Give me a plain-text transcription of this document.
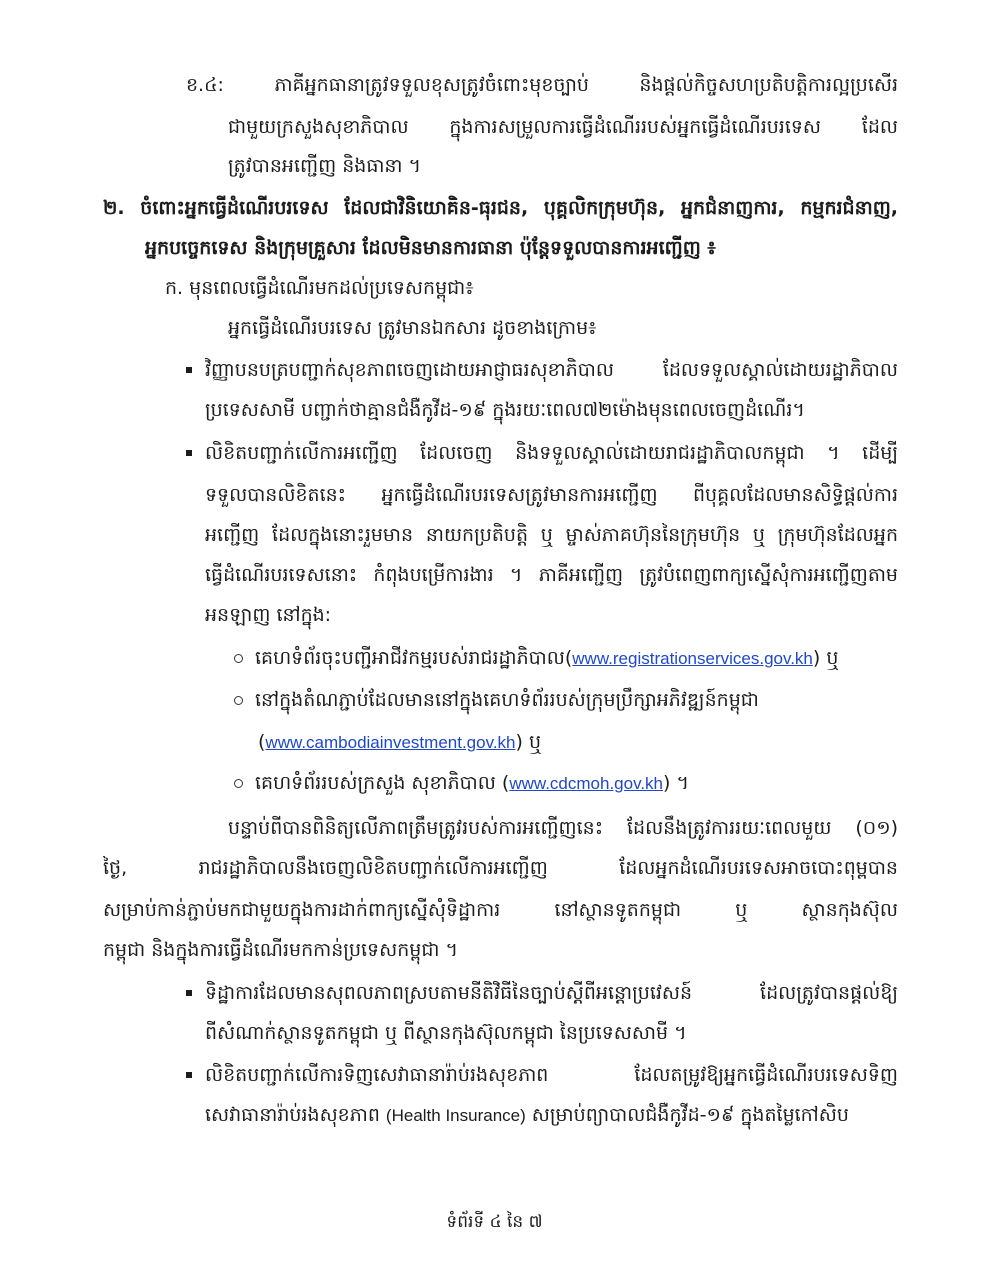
ខ.៤: ភាគីអ្នកធានាត្រូវទទួលខុសត្រូវចំពោះមុខច្បាប់ និងផ្តល់កិច្ចសហប្រតិបត្តិការល្អប្រសើរ
ជាមួយក្រសួងសុខាភិបាល ក្នុងការសម្រួលការធ្វើដំណើររបស់អ្នកធ្វើដំណើរបរទេស ដែល
ត្រូវបានអញ្ជើញ និងធានា ។
២. ចំពោះអ្នកធ្វើដំណើរបរទេស ដែលជាវិនិយោគិន-ធុរជន, បុគ្គលិកក្រុមហ៊ុន, អ្នកជំនាញការ, កម្មករជំនាញ,
អ្នកបច្ចេកទេស និងក្រុមគ្រួសារ ដែលមិនមានការធានា ប៉ុន្តែទទួលបានការអញ្ជើញ ៖
ក. មុនពេលធ្វើដំណើរមកដល់ប្រទេសកម្ពុជា៖
អ្នកធ្វើដំណើរបរទេស ត្រូវមានឯកសារ ដូចខាងក្រោម៖
វិញ្ញាបនបត្របញ្ជាក់សុខភាពចេញដោយអាជ្ញាធរសុខាភិបាល ដែលទទួលស្គាល់ដោយរដ្ឋាភិបាល
ប្រទេសសាមី បញ្ជាក់ថាគ្មានជំងឺកូវីដ-១៩ ក្នុងរយៈពេល៧២ម៉ោងមុនពេលចេញដំណើរ។
លិខិតបញ្ជាក់លើការអញ្ជើញ ដែលចេញ និងទទួលស្គាល់ដោយរាជរដ្ឋាភិបាលកម្ពុជា ។ ដើម្បី
ទទួលបានលិខិតនេះ អ្នកធ្វើដំណើរបរទេសត្រូវមានការអញ្ជើញ ពីបុគ្គលដែលមានសិទ្ធិផ្តល់ការ
អញ្ជើញ ដែលក្នុងនោះរួមមាន នាយកប្រតិបត្តិ ឬ ម្ចាស់ភាគហ៊ុននៃក្រុមហ៊ុន ឬ ក្រុមហ៊ុនដែលអ្នក
ធ្វើដំណើរបរទេសនោះ កំពុងបម្រើការងារ ។ ភាគីអញ្ជើញ ត្រូវបំពេញពាក្យស្នើសុំការអញ្ជើញតាម
អនឡាញ នៅក្នុង:
គេហទំព័រចុះបញ្ជីអាជីវកម្មរបស់រាជរដ្ឋាភិបាល(www.registrationservices.gov.kh) ឬ
នៅក្នុងតំណភ្ជាប់ដែលមាននៅក្នុងគេហទំព័ររបស់ក្រុមប្រឹក្សាអភិវឌ្ឍន៍កម្ពុជា
(www.cambodiainvestment.gov.kh) ឬ
គេហទំព័ររបស់ក្រសួង សុខាភិបាល (www.cdcmoh.gov.kh) ។
បន្ទាប់ពីបានពិនិត្យលើភាពត្រឹមត្រូវរបស់ការអញ្ជើញនេះ ដែលនឹងត្រូវការរយៈពេលមួយ (០១)
ថ្ងៃ, រាជរដ្ឋាភិបាលនឹងចេញលិខិតបញ្ជាក់លើការអញ្ជើញ ដែលអ្នកដំណើរបរទេសអាចបោះពុម្ពបាន
សម្រាប់កាន់ភ្ជាប់មកជាមួយក្នុងការដាក់ពាក្យស្នើសុំទិដ្ឋាការ នៅស្ថានទូតកម្ពុជា ឬ ស្ថានកុងស៊ុល
កម្ពុជា និងក្នុងការធ្វើដំណើរមកកាន់ប្រទេសកម្ពុជា ។
ទិដ្ឋាការដែលមានសុពលភាពស្របតាមនីតិវិធីនៃច្បាប់ស្តីពីអន្តោប្រវេសន៍ ដែលត្រូវបានផ្តល់ឱ្យ
ពីសំណាក់ស្ថានទូតកម្ពុជា ឬ ពីស្ថានកុងស៊ុលកម្ពុជា នៃប្រទេសសាមី ។
លិខិតបញ្ជាក់លើការទិញសេវាធានារ៉ាប់រងសុខភាព ដែលតម្រូវឱ្យអ្នកធ្វើដំណើរបរទេសទិញ
សេវាធានារ៉ាប់រងសុខភាព (Health Insurance) សម្រាប់ព្យាបាលជំងឺកូវីដ-១៩ ក្នុងតម្លៃកៅសិប
ទំព័រទី ៤ នៃ ៧
